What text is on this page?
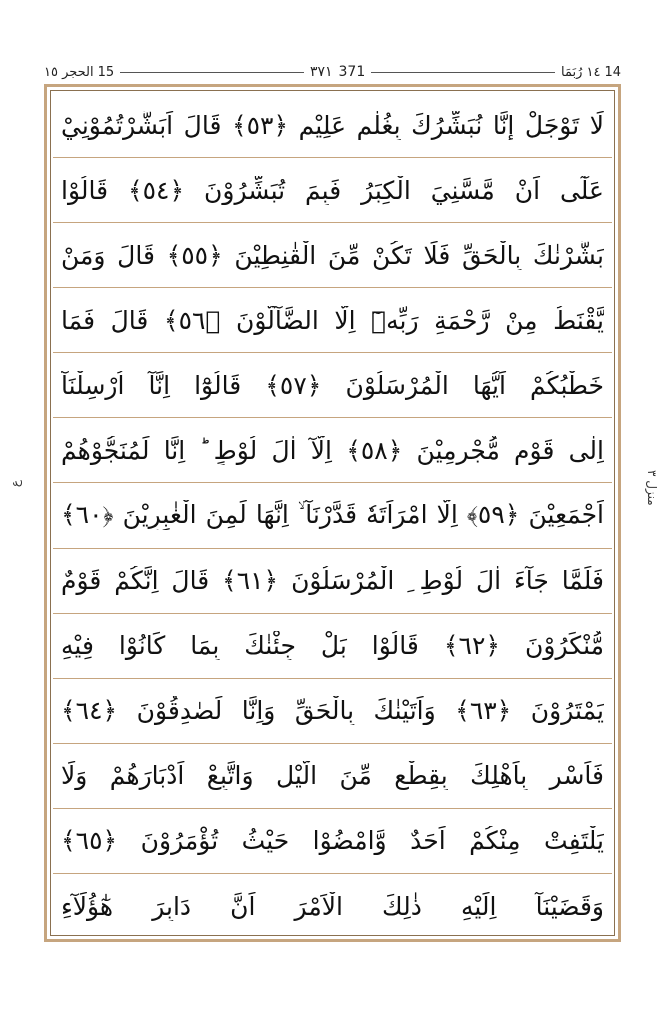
الحجر ١٥ 15	٣٧١ 371	١٤ رُبَمَا 14
منزل ٣
ع
لَا تَوْجَلْ إِنَّا نُبَشِّرُكَ بِغُلٰمٍ عَلِيْمٍ ﴿٥٣﴾ قَالَ اَبَشَّرْتُمُوْنِيْ
عَلٰٓى اَنْ مَّسَّنِيَ الْكِبَرُ فَبِمَ تُبَشِّرُوْنَ ﴿٥٤﴾ قَالُوْا
بَشَّرْنٰكَ بِالْحَقِّ فَلَا تَكُنْ مِّنَ الْقٰنِطِيْنَ ﴿٥٥﴾ قَالَ وَمَنْ
يَّقْنَطُ مِنْ رَّحْمَةِ رَبِّهٖٓ اِلَّا الضَّآلُّوْنَ ﴿٥٦﴾ قَالَ فَمَا
خَطْبُكُمْ اَيُّهَا الْمُرْسَلُوْنَ ﴿٥٧﴾ قَالُوْٓا اِنَّآ اُرْسِلْنَآ
اِلٰى قَوْمٍ مُّجْرِمِيْنَ ﴿٥٨﴾ اِلَّآ اٰلَ لُوْطٍ ؕ اِنَّا لَمُنَجُّوْهُمْ
اَجْمَعِيْنَ ﴿٥٩﴾ اِلَّا امْرَاَتَهٗ قَدَّرْنَآ ۙ اِنَّهَا لَمِنَ الْغٰبِرِيْنَ ﴿٦٠﴾
فَلَمَّا جَآءَ اٰلَ لُوْطِ ِ الْمُرْسَلُوْنَ ﴿٦١﴾ قَالَ اِنَّكُمْ قَوْمٌ
مُّنْكَرُوْنَ ﴿٦٢﴾ قَالُوْا بَلْ جِئْنٰكَ بِمَا كَانُوْا فِيْهِ
يَمْتَرُوْنَ ﴿٦٣﴾ وَاَتَيْنٰكَ بِالْحَقِّ وَاِنَّا لَصٰدِقُوْنَ ﴿٦٤﴾
فَاَسْرِ بِاَهْلِكَ بِقِطْعٍ مِّنَ الَّيْلِ وَاتَّبِعْ اَدْبَارَهُمْ وَلَا
يَلْتَفِتْ مِنْكُمْ اَحَدٌ وَّامْضُوْا حَيْثُ تُؤْمَرُوْنَ ﴿٦٥﴾
وَقَضَيْنَآ اِلَيْهِ ذٰلِكَ الْاَمْرَ اَنَّ دَابِرَ هٰٓؤُلَآءِ
